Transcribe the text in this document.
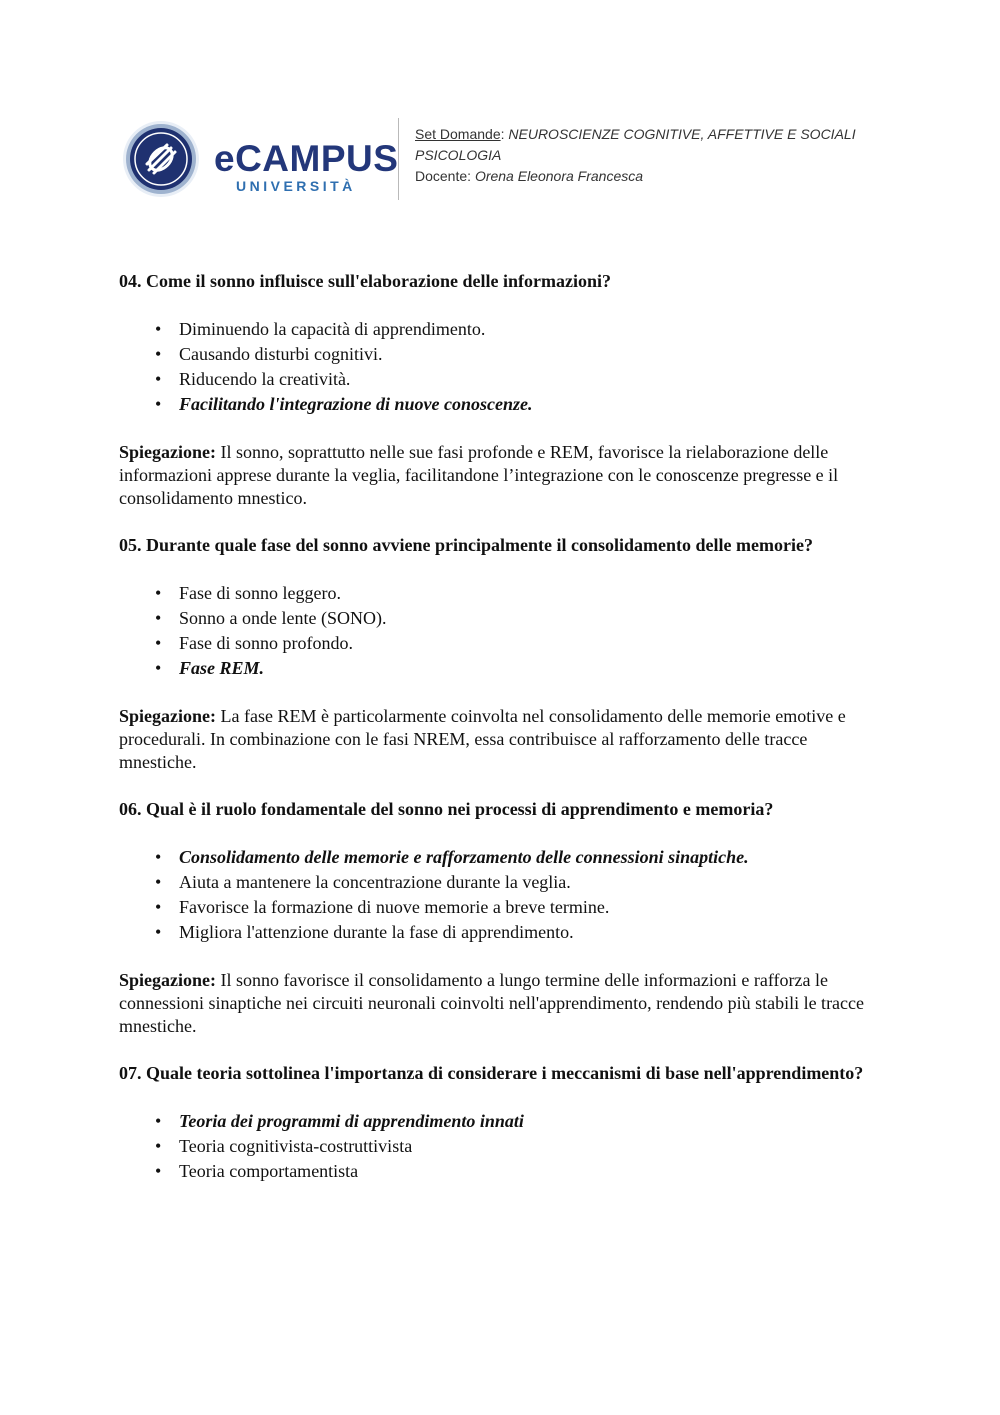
eCAMPUS
UNIVERSITÀ
Set Domande: NEUROSCIENZE COGNITIVE, AFFETTIVE E SOCIALI
PSICOLOGIA
Docente: Orena Eleonora Francesca

04. Come il sonno influisce sull'elaborazione delle informazioni?

• Diminuendo la capacità di apprendimento.
• Causando disturbi cognitivi.
• Riducendo la creatività.
• Facilitando l'integrazione di nuove conoscenze.

Spiegazione: Il sonno, soprattutto nelle sue fasi profonde e REM, favorisce la rielaborazione delle informazioni apprese durante la veglia, facilitandone l’integrazione con le conoscenze pregresse e il consolidamento mnestico.

05. Durante quale fase del sonno avviene principalmente il consolidamento delle memorie?

• Fase di sonno leggero.
• Sonno a onde lente (SONO).
• Fase di sonno profondo.
• Fase REM.

Spiegazione: La fase REM è particolarmente coinvolta nel consolidamento delle memorie emotive e procedurali. In combinazione con le fasi NREM, essa contribuisce al rafforzamento delle tracce mnestiche.

06. Qual è il ruolo fondamentale del sonno nei processi di apprendimento e memoria?

• Consolidamento delle memorie e rafforzamento delle connessioni sinaptiche.
• Aiuta a mantenere la concentrazione durante la veglia.
• Favorisce la formazione di nuove memorie a breve termine.
• Migliora l'attenzione durante la fase di apprendimento.

Spiegazione: Il sonno favorisce il consolidamento a lungo termine delle informazioni e rafforza le connessioni sinaptiche nei circuiti neuronali coinvolti nell'apprendimento, rendendo più stabili le tracce mnestiche.

07. Quale teoria sottolinea l'importanza di considerare i meccanismi di base nell'apprendimento?

• Teoria dei programmi di apprendimento innati
• Teoria cognitivista-costruttivista
• Teoria comportamentista
